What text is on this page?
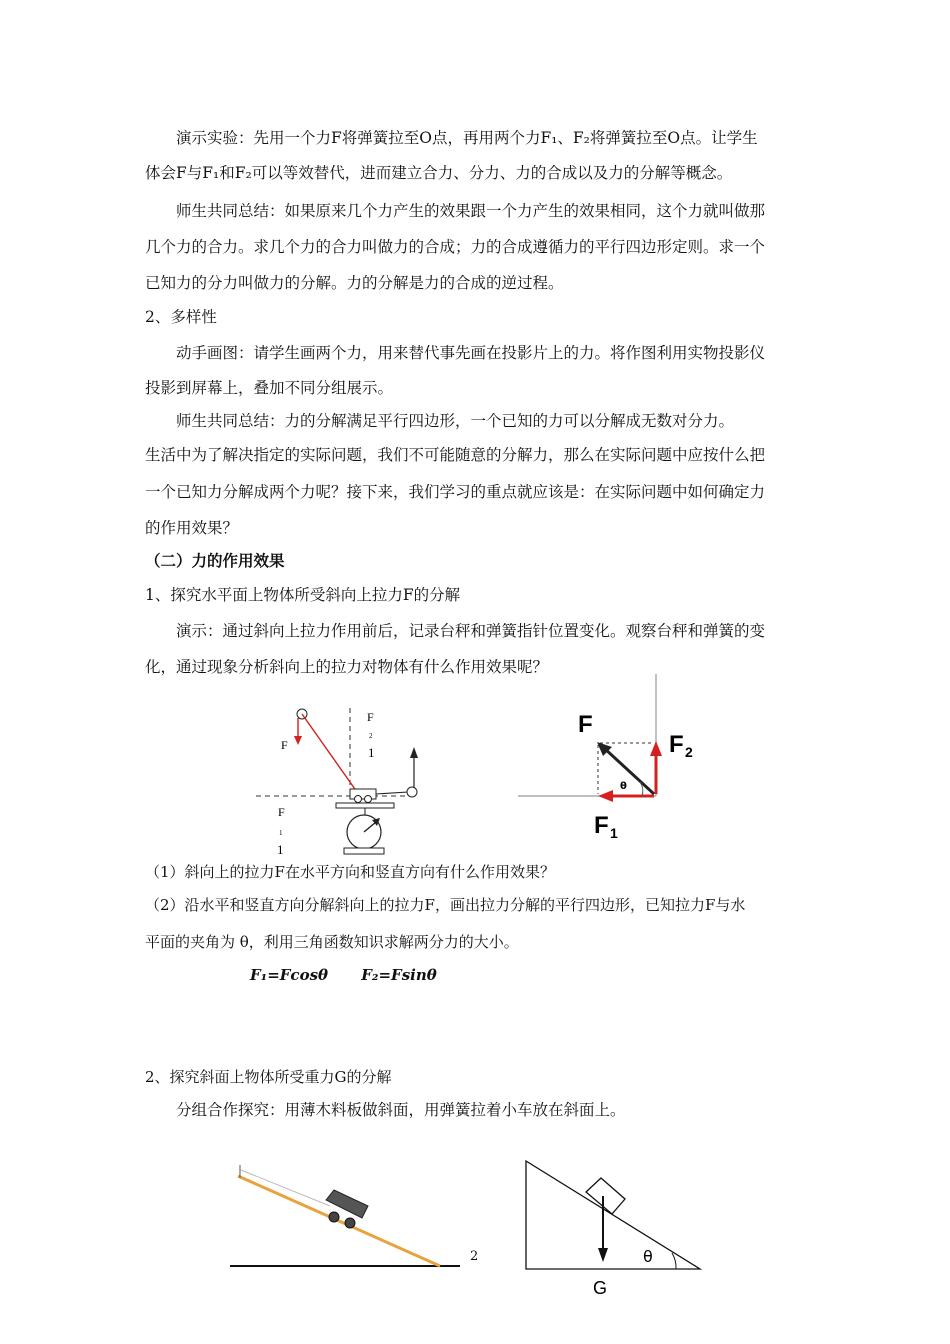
演示实验：先用一个力F将弹簧拉至O点，再用两个力F₁、F₂将弹簧拉至O点。让学生
体会F与F₁和F₂可以等效替代，进而建立合力、分力、力的合成以及力的分解等概念。
师生共同总结：如果原来几个力产生的效果跟一个力产生的效果相同，这个力就叫做那
几个力的合力。求几个力的合力叫做力的合成；力的合成遵循力的平行四边形定则。求一个
已知力的分力叫做力的分解。力的分解是力的合成的逆过程。
2、多样性
动手画图：请学生画两个力，用来替代事先画在投影片上的力。将作图利用实物投影仪
投影到屏幕上，叠加不同分组展示。
师生共同总结：力的分解满足平行四边形，一个已知的力可以分解成无数对分力。
生活中为了解决指定的实际问题，我们不可能随意的分解力，那么在实际问题中应按什么把
一个已知力分解成两个力呢？接下来，我们学习的重点就应该是：在实际问题中如何确定力
的作用效果？
（二）力的作用效果
1、探究水平面上物体所受斜向上拉力F的分解
演示：通过斜向上拉力作用前后，记录台秤和弹簧指针位置变化。观察台秤和弹簧的变
化，通过现象分析斜向上的拉力对物体有什么作用效果呢？
（1）斜向上的拉力F在水平方向和竖直方向有什么作用效果？
（2）沿水平和竖直方向分解斜向上的拉力F，画出拉力分解的平行四边形，已知拉力F与水
平面的夹角为 θ，利用三角函数知识求解两分力的大小。
F₁=Fcosθ F₂=Fsinθ
2、探究斜面上物体所受重力G的分解
分组合作探究：用薄木料板做斜面，用弹簧拉着小车放在斜面上。
2
F
F
2
1
F
1
1
θ
F
F 2
F 1
θ
G
